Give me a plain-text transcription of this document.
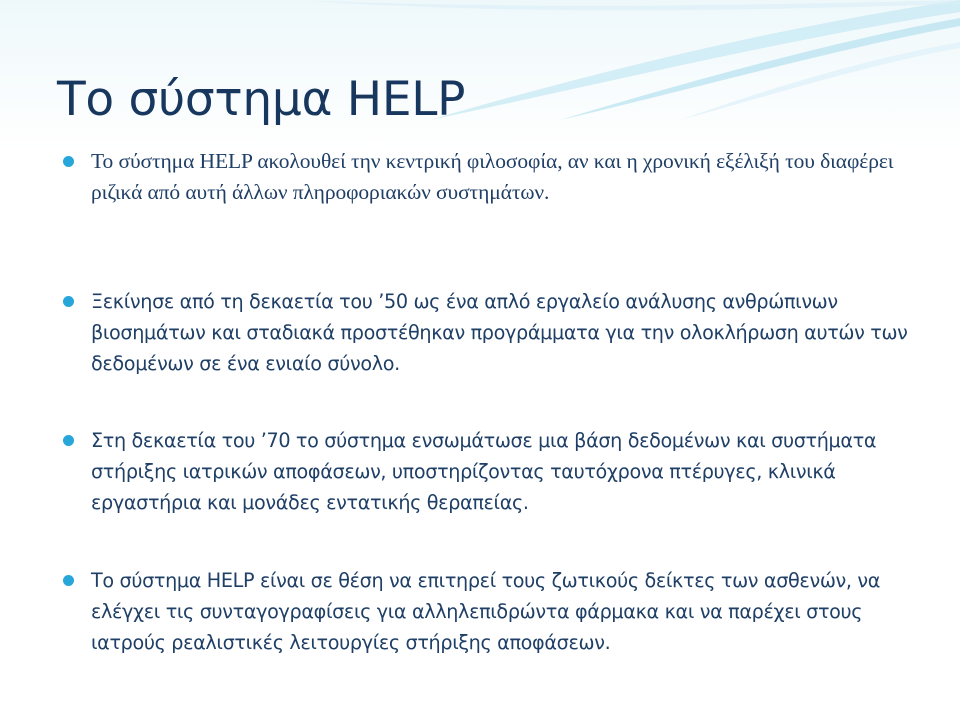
Το σύστημα HELP
Το σύστημα HELP ακολουθεί την κεντρική φιλοσοφία, αν και η χρονική εξέλιξή του διαφέρει ριζικά από αυτή άλλων πληροφοριακών συστημάτων.
Ξεκίνησε από τη δεκαετία του ’50 ως ένα απλό εργαλείο ανάλυσης ανθρώπινων βιοσημάτων και σταδιακά προστέθηκαν προγράμματα για την ολοκλήρωση αυτών των δεδομένων σε ένα ενιαίο σύνολο.
Στη δεκαετία του ’70 το σύστημα ενσωμάτωσε μια βάση δεδομένων και συστήματα στήριξης ιατρικών αποφάσεων, υποστηρίζοντας ταυτόχρονα πτέρυγες, κλινικά εργαστήρια και μονάδες εντατικής θεραπείας.
Το σύστημα HELP είναι σε θέση να επιτηρεί τους ζωτικούς δείκτες των ασθενών, να ελέγχει τις συνταγογραφίσεις για αλληλεπιδρώντα φάρμακα και να παρέχει στους ιατρούς ρεαλιστικές λειτουργίες στήριξης αποφάσεων.
